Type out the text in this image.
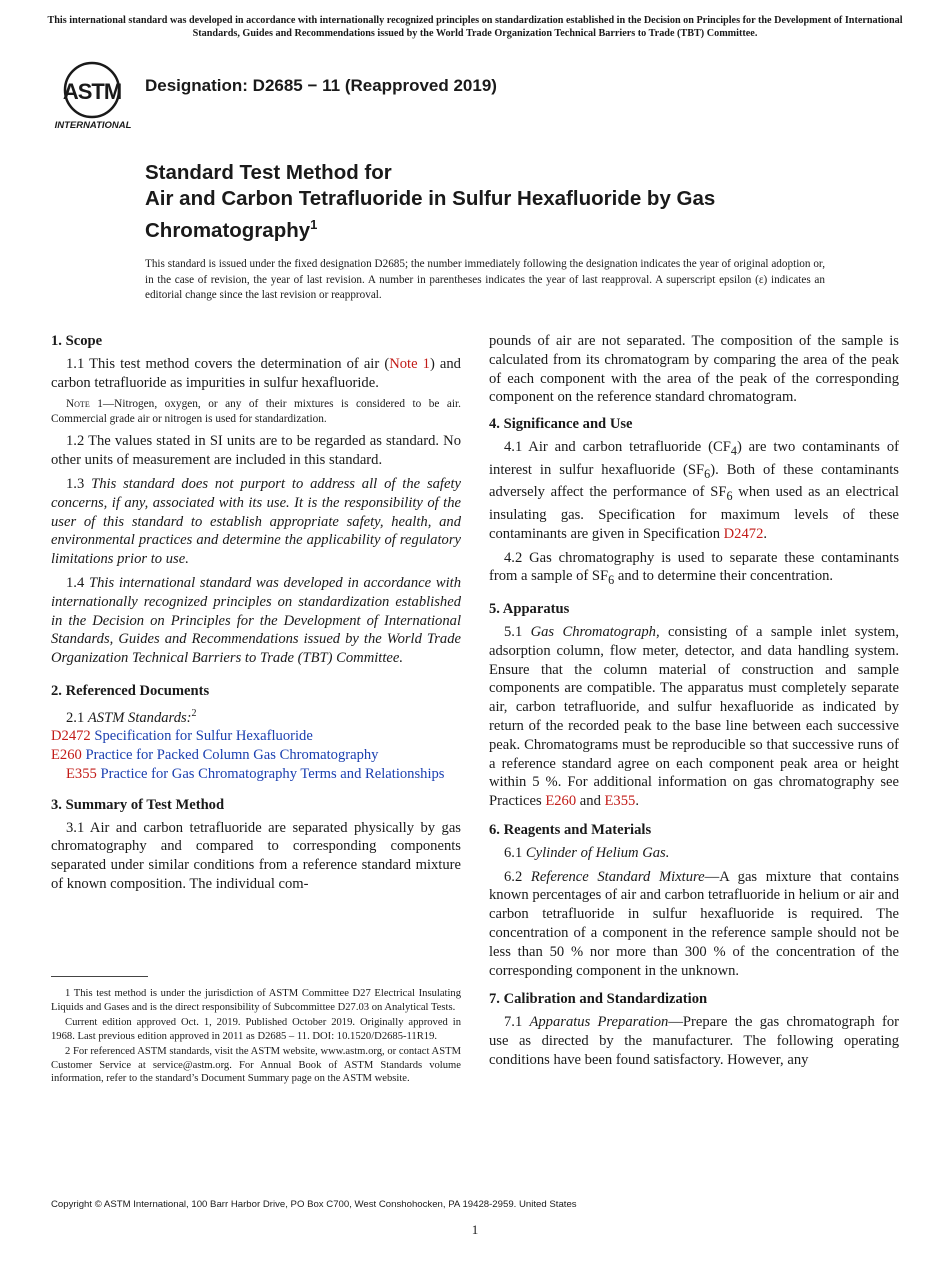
This international standard was developed in accordance with internationally recognized principles on standardization established in the Decision on Principles for the Development of International Standards, Guides and Recommendations issued by the World Trade Organization Technical Barriers to Trade (TBT) Committee.
ASTM
INTERNATIONAL
Designation: D2685 − 11 (Reapproved 2019)
Standard Test Method for
Air and Carbon Tetrafluoride in Sulfur Hexafluoride by Gas Chromatography$^1$
This standard is issued under the fixed designation D2685; the number immediately following the designation indicates the year of original adoption or, in the case of revision, the year of last revision. A number in parentheses indicates the year of last reapproval. A superscript epsilon (ε) indicates an editorial change since the last revision or reapproval.
1. Scope

1.1 This test method covers the determination of air (Note 1) and carbon tetrafluoride as impurities in sulfur hexafluoride.

Note 1—Nitrogen, oxygen, or any of their mixtures is considered to be air. Commercial grade air or nitrogen is used for standardization.

1.2 The values stated in SI units are to be regarded as standard. No other units of measurement are included in this standard.

1.3 This standard does not purport to address all of the safety concerns, if any, associated with its use. It is the responsibility of the user of this standard to establish appropriate safety, health, and environmental practices and determine the applicability of regulatory limitations prior to use.

1.4 This international standard was developed in accordance with internationally recognized principles on standardization established in the Decision on Principles for the Development of International Standards, Guides and Recommendations issued by the World Trade Organization Technical Barriers to Trade (TBT) Committee.

2. Referenced Documents

2.1 ASTM Standards:$^2$

D2472 Specification for Sulfur Hexafluoride

E260 Practice for Packed Column Gas Chromatography

E355 Practice for Gas Chromatography Terms and Relationships

3. Summary of Test Method

3.1 Air and carbon tetrafluoride are separated physically by gas chromatography and compared to corresponding components separated under similar conditions from a reference standard mixture of known composition. The individual com-

1 This test method is under the jurisdiction of ASTM Committee D27 Electrical Insulating Liquids and Gases and is the direct responsibility of Subcommittee D27.03 on Analytical Tests.

Current edition approved Oct. 1, 2019. Published October 2019. Originally approved in 1968. Last previous edition approved in 2011 as D2685 – 11. DOI: 10.1520/D2685-11R19.

2 For referenced ASTM standards, visit the ASTM website, www.astm.org, or contact ASTM Customer Service at service@astm.org. For Annual Book of ASTM Standards volume information, refer to the standard’s Document Summary page on the ASTM website.

pounds of air are not separated. The composition of the sample is calculated from its chromatogram by comparing the area of the peak of each component with the area of the peak of the corresponding component on the reference standard chromatogram.

4. Significance and Use

4.1 Air and carbon tetrafluoride $(CF_4)$ are two contaminants of interest in sulfur hexafluoride $(SF_6)$. Both of these contaminants adversely affect the performance of $SF_6$ when used as an electrical insulating gas. Specification for maximum levels of these contaminants are given in Specification D2472.

4.2 Gas chromatography is used to separate these contaminants from a sample of $SF_6$ and to determine their concentration.

5. Apparatus

5.1 Gas Chromatograph, consisting of a sample inlet system, adsorption column, flow meter, detector, and data handling system. Ensure that the column material of construction and sample components are compatible. The apparatus must completely separate air, carbon tetrafluoride, and sulfur hexafluoride as indicated by return of the recorded peak to the base line between each successive peak. Chromatograms must be reproducible so that successive runs of a reference standard agree on each component peak area or height within 5 %. For additional information on gas chromatography see Practices E260 and E355.

6. Reagents and Materials

6.1 Cylinder of Helium Gas.

6.2 Reference Standard Mixture—A gas mixture that contains known percentages of air and carbon tetrafluoride in helium or air and carbon tetrafluoride in sulfur hexafluoride is required. The concentration of a component in the reference sample should not be less than 50 % nor more than 300 % of the concentration of the corresponding component in the unknown.

7. Calibration and Standardization

7.1 Apparatus Preparation—Prepare the gas chromatograph for use as directed by the manufacturer. The following operating conditions have been found satisfactory. However, any

Copyright © ASTM International, 100 Barr Harbor Drive, PO Box C700, West Conshohocken, PA 19428-2959. United States
1
